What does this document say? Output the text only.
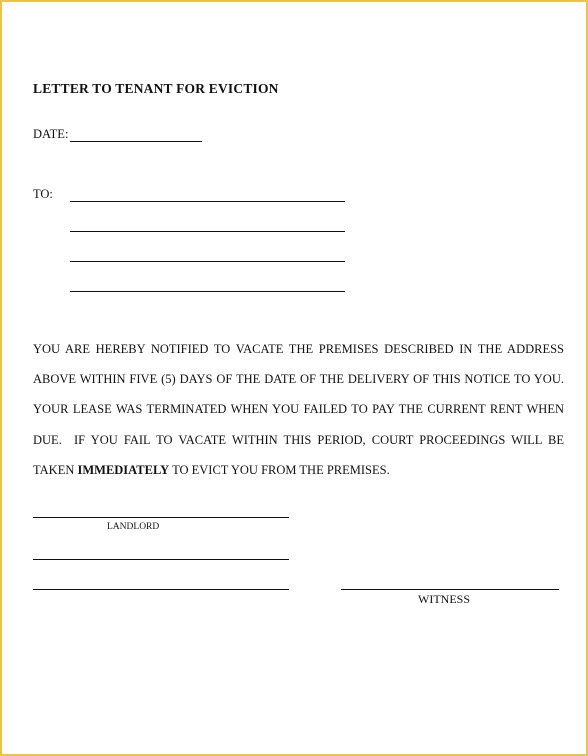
LETTER TO TENANT FOR EVICTION
DATE:
TO:

YOU ARE HEREBY NOTIFIED TO VACATE THE PREMISES DESCRIBED IN THE ADDRESS ABOVE WITHIN FIVE (5) DAYS OF THE DATE OF THE DELIVERY OF THIS NOTICE TO YOU. YOUR LEASE WAS TERMINATED WHEN YOU FAILED TO PAY THE CURRENT RENT WHEN DUE.  IF YOU FAIL TO VACATE WITHIN THIS PERIOD, COURT PROCEEDINGS WILL BE TAKEN IMMEDIATELY TO EVICT YOU FROM THE PREMISES.

LANDLORD
WITNESS
